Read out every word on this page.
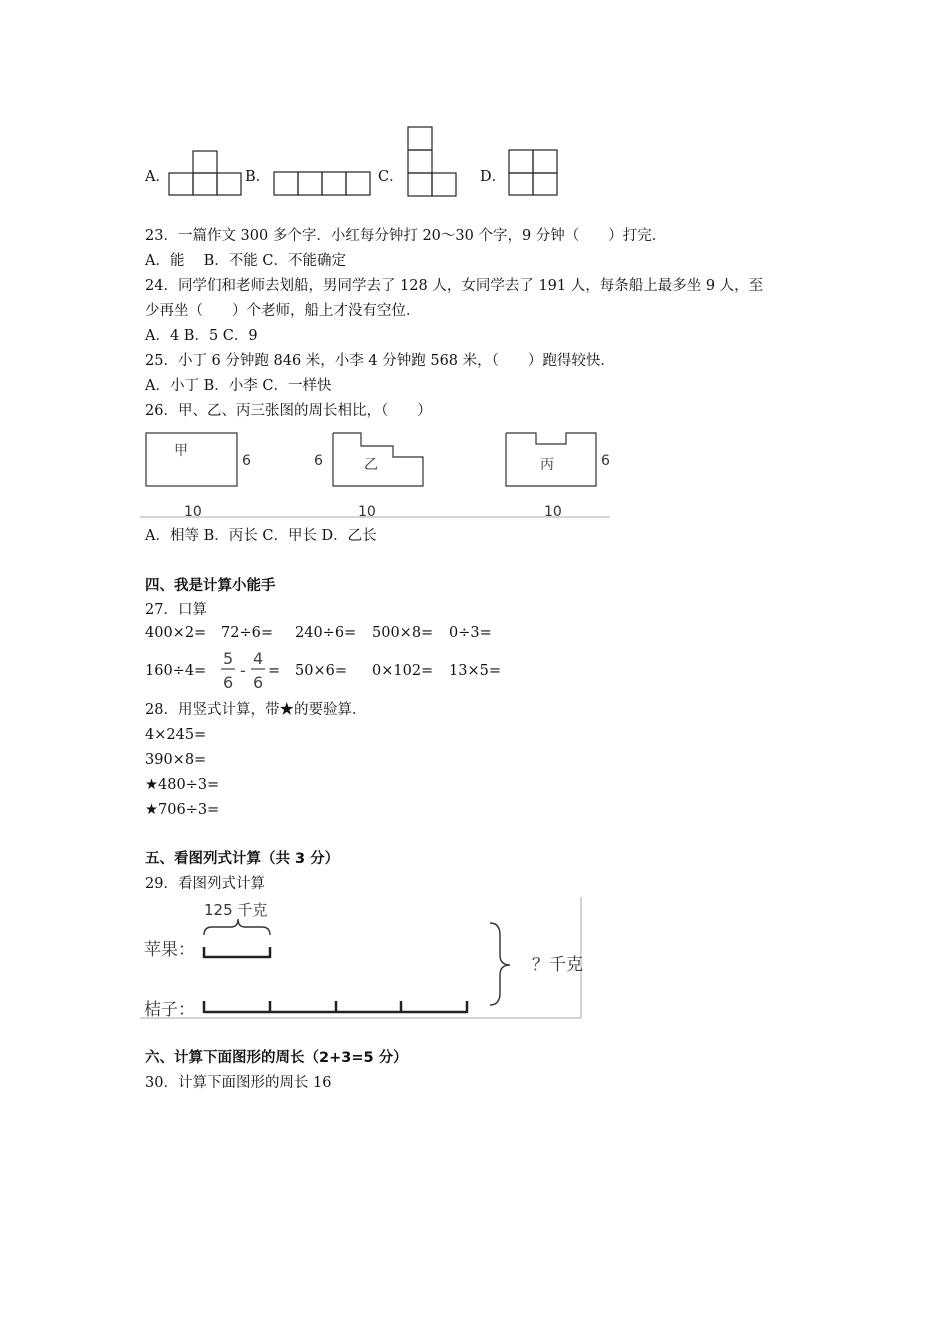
A．	B．	C．	D．
23．一篇作文 300 多个字．小红每分钟打 20～30 个字，9 分钟（　　）打完．
A．能　 B．不能 C．不能确定
24．同学们和老师去划船，男同学去了 128 人，女同学去了 191 人，每条船上最多坐 9 人，至
少再坐（　　）个老师，船上才没有空位．
A．4 B．5 C．9
25．小丁 6 分钟跑 846 米，小李 4 分钟跑 568 米，（　　）跑得较快．
A．小丁 B．小李 C．一样快
26．甲、乙、丙三张图的周长相比，（　　）
甲
6
10
6	乙
10
丙	6
10
A．相等 B．丙长 C．甲长 D．乙长
四、我是计算小能手
27．口算
400×2= 72÷6= 240÷6= 500×8= 0÷3=
160÷4=
5
6
-
4
6
= 50×6= 0×102= 13×5=
28．用竖式计算，带★的要验算．
4×245=
390×8=
★480÷3=
★706÷3=
五、看图列式计算（共 3 分）
29．看图列式计算
125 千克
苹果：
桔子：
？千克
六、计算下面图形的周长（2+3=5 分）
30．计算下面图形的周长 16
